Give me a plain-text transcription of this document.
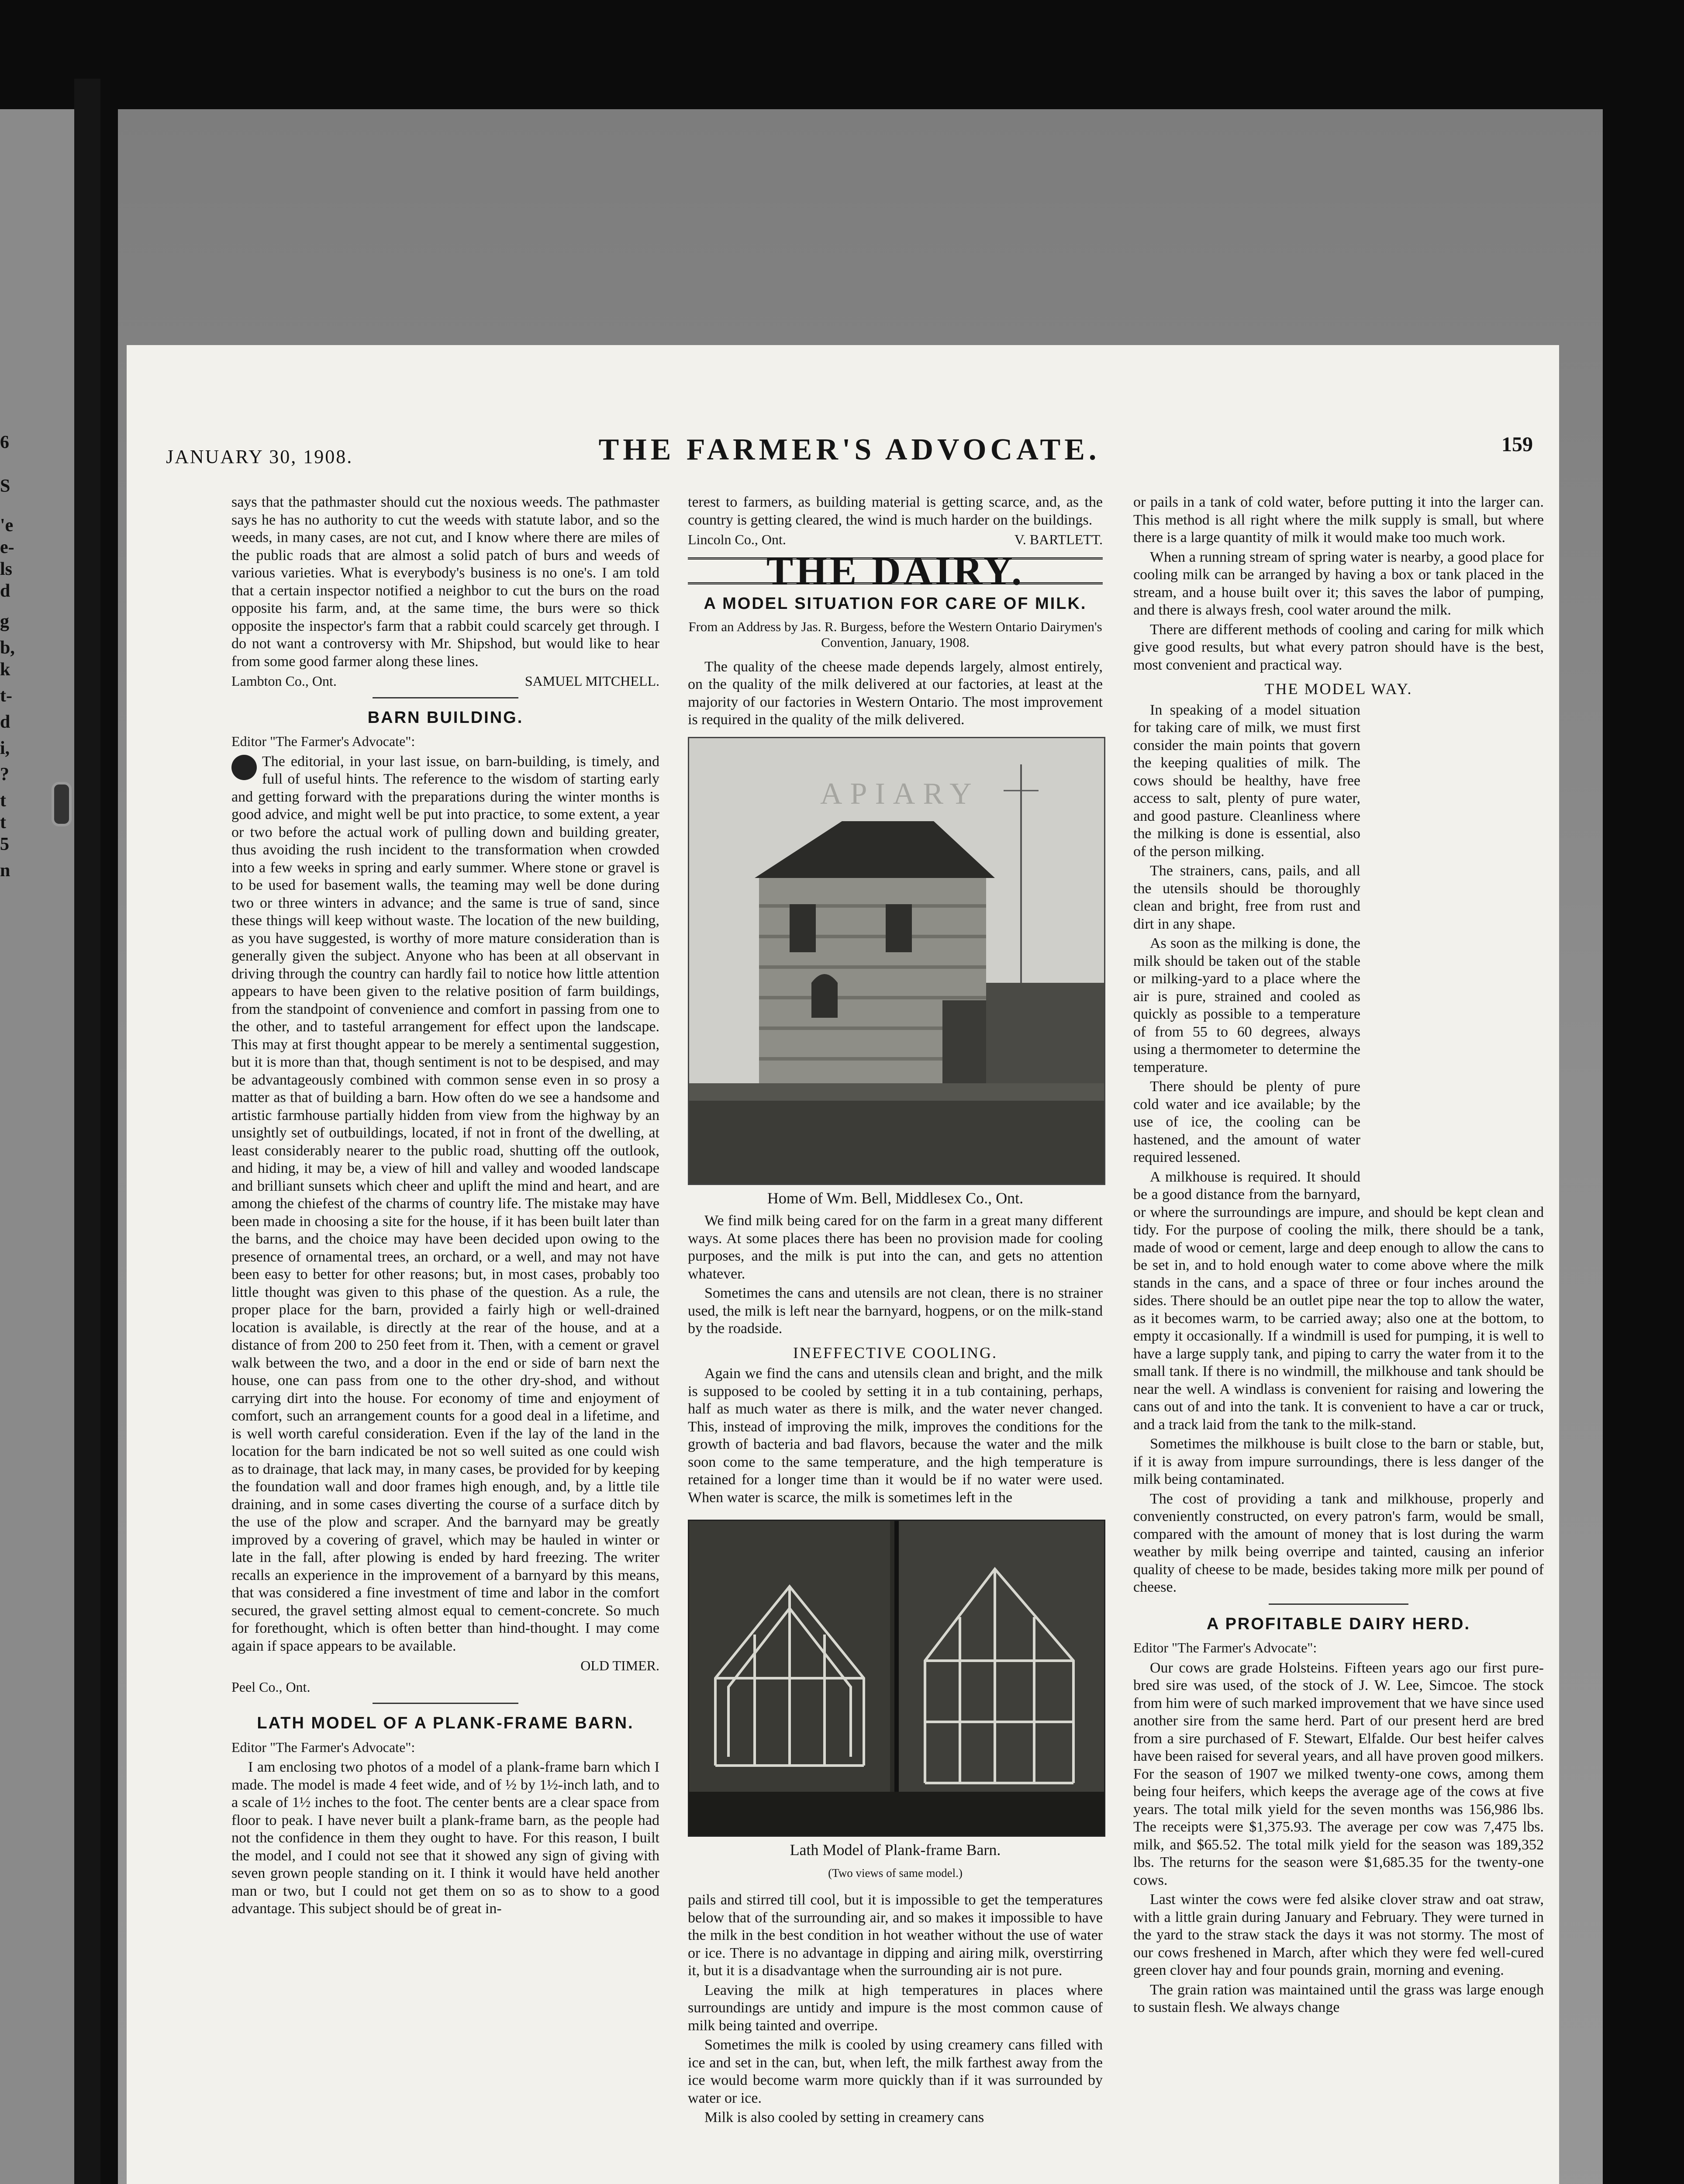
6
S
'e
e-
ls
d
g
b,
k
t-
d
i,
?
t
t
5
n
JANUARY 30, 1908.	THE FARMER'S ADVOCATE.	159

says that the pathmaster should cut the noxious weeds. The pathmaster says he has no authority to cut the weeds with statute labor, and so the weeds, in many cases, are not cut, and I know where there are miles of the public roads that are almost a solid patch of burs and weeds of various varieties. What is everybody's business is no one's. I am told that a certain inspector notified a neighbor to cut the burs on the road opposite his farm, and, at the same time, the burs were so thick opposite the inspector's farm that a rabbit could scarcely get through. I do not want a controversy with Mr. Shipshod, but would like to hear from some good farmer along these lines.

Lambton Co., Ont.	SAMUEL MITCHELL.
BARN BUILDING.
Editor "The Farmer's Advocate":

The editorial, in your last issue, on barn-building, is timely, and full of useful hints. The reference to the wisdom of starting early and getting forward with the preparations during the winter months is good advice, and might well be put into practice, to some extent, a year or two before the actual work of pulling down and building greater, thus avoiding the rush incident to the transformation when crowded into a few weeks in spring and early summer. Where stone or gravel is to be used for basement walls, the teaming may well be done during two or three winters in advance; and the same is true of sand, since these things will keep without waste. The location of the new building, as you have suggested, is worthy of more mature consideration than is generally given the subject. Anyone who has been at all observant in driving through the country can hardly fail to notice how little attention appears to have been given to the relative position of farm buildings, from the standpoint of convenience and comfort in passing from one to the other, and to tasteful arrangement for effect upon the landscape. This may at first thought appear to be merely a sentimental suggestion, but it is more than that, though sentiment is not to be despised, and may be advantageously combined with common sense even in so prosy a matter as that of building a barn. How often do we see a handsome and artistic farmhouse partially hidden from view from the highway by an unsightly set of outbuildings, located, if not in front of the dwelling, at least considerably nearer to the public road, shutting off the outlook, and hiding, it may be, a view of hill and valley and wooded landscape and brilliant sunsets which cheer and uplift the mind and heart, and are among the chiefest of the charms of country life. The mistake may have been made in choosing a site for the house, if it has been built later than the barns, and the choice may have been decided upon owing to the presence of ornamental trees, an orchard, or a well, and may not have been easy to better for other reasons; but, in most cases, probably too little thought was given to this phase of the question. As a rule, the proper place for the barn, provided a fairly high or well-drained location is available, is directly at the rear of the house, and at a distance of from 200 to 250 feet from it. Then, with a cement or gravel walk between the two, and a door in the end or side of barn next the house, one can pass from one to the other dry-shod, and without carrying dirt into the house. For economy of time and enjoyment of comfort, such an arrangement counts for a good deal in a lifetime, and is well worth careful consideration. Even if the lay of the land in the location for the barn indicated be not so well suited as one could wish as to drainage, that lack may, in many cases, be provided for by keeping the foundation wall and door frames high enough, and, by a little tile draining, and in some cases diverting the course of a surface ditch by the use of the plow and scraper. And the barnyard may be greatly improved by a covering of gravel, which may be hauled in winter or late in the fall, after plowing is ended by hard freezing. The writer recalls an experience in the improvement of a barnyard by this means, that was considered a fine investment of time and labor in the comfort secured, the gravel setting almost equal to cement-concrete. So much for forethought, which is often better than hind-thought. I may come again if space appears to be available.

OLD TIMER.
Peel Co., Ont.
LATH MODEL OF A PLANK-FRAME BARN.
Editor "The Farmer's Advocate":

I am enclosing two photos of a model of a plank-frame barn which I made. The model is made 4 feet wide, and of ½ by 1½-inch lath, and to a scale of 1½ inches to the foot. The center bents are a clear space from floor to peak. I have never built a plank-frame barn, as the people had not the confidence in them they ought to have. For this reason, I built the model, and I could not see that it showed any sign of giving with seven grown people standing on it. I think it would have held another man or two, but I could not get them on so as to show to a good advantage. This subject should be of great in-

terest to farmers, as building material is getting scarce, and, as the country is getting cleared, the wind is much harder on the buildings.

Lincoln Co., Ont.	V. BARTLETT.
THE DAIRY.
A MODEL SITUATION FOR CARE OF MILK.
From an Address by Jas. R. Burgess, before the Western Ontario Dairymen's Convention, January, 1908.

The quality of the cheese made depends largely, almost entirely, on the quality of the milk delivered at our factories, at least at the majority of our factories in Western Ontario. The most improvement is required in the quality of the milk delivered.

APIARY
Home of Wm. Bell, Middlesex Co., Ont.

We find milk being cared for on the farm in a great many different ways. At some places there has been no provision made for cooling purposes, and the milk is put into the can, and gets no attention whatever.

Sometimes the cans and utensils are not clean, there is no strainer used, the milk is left near the barnyard, hogpens, or on the milk-stand by the roadside.

INEFFECTIVE COOLING.

Again we find the cans and utensils clean and bright, and the milk is supposed to be cooled by setting it in a tub containing, perhaps, half as much water as there is milk, and the water never changed. This, instead of improving the milk, improves the conditions for the growth of bacteria and bad flavors, because the water and the milk soon come to the same temperature, and the high temperature is retained for a longer time than it would be if no water were used. When water is scarce, the milk is sometimes left in the

Lath Model of Plank-frame Barn.
(Two views of same model.)

pails and stirred till cool, but it is impossible to get the temperatures below that of the surrounding air, and so makes it impossible to have the milk in the best condition in hot weather without the use of water or ice. There is no advantage in dipping and airing milk, overstirring it, but it is a disadvantage when the surrounding air is not pure.

Leaving the milk at high temperatures in places where surroundings are untidy and impure is the most common cause of milk being tainted and overripe.

Sometimes the milk is cooled by using creamery cans filled with ice and set in the can, but, when left, the milk farthest away from the ice would become warm more quickly than if it was surrounded by water or ice.

Milk is also cooled by setting in creamery cans

or pails in a tank of cold water, before putting it into the larger can. This method is all right where the milk supply is small, but where there is a large quantity of milk it would make too much work.

When a running stream of spring water is nearby, a good place for cooling milk can be arranged by having a box or tank placed in the stream, and a house built over it; this saves the labor of pumping, and there is always fresh, cool water around the milk.

There are different methods of cooling and caring for milk which give good results, but what every patron should have is the best, most convenient and practical way.

THE MODEL WAY.

In speaking of a model situation for taking care of milk, we must first consider the main points that govern the keeping qualities of milk. The cows should be healthy, have free access to salt, plenty of pure water, and good pasture. Cleanliness where the milking is done is essential, also of the person milking.

The strainers, cans, pails, and all the utensils should be thoroughly clean and bright, free from rust and dirt in any shape.

As soon as the milking is done, the milk should be taken out of the stable or milking-yard to a place where the air is pure, strained and cooled as quickly as possible to a temperature of from 55 to 60 degrees, always using a thermometer to determine the temperature.

There should be plenty of pure cold water and ice available; by the use of ice, the cooling can be hastened, and the amount of water required lessened.

A milkhouse is required. It should be a good distance from the barnyard, or where the surroundings are impure, and should be kept clean and tidy. For the purpose of cooling the milk, there should be a tank, made of wood or cement, large and deep enough to allow the cans to be set in, and to hold enough water to come above where the milk stands in the cans, and a space of three or four inches around the sides. There should be an outlet pipe near the top to allow the water, as it becomes warm, to be carried away; also one at the bottom, to empty it occasionally. If a windmill is used for pumping, it is well to have a large supply tank, and piping to carry the water from it to the small tank. If there is no windmill, the milkhouse and tank should be near the well. A windlass is convenient for raising and lowering the cans out of and into the tank. It is convenient to have a car or truck, and a track laid from the tank to the milk-stand.

Sometimes the milkhouse is built close to the barn or stable, but, if it is away from impure surroundings, there is less danger of the milk being contaminated.

The cost of providing a tank and milkhouse, properly and conveniently constructed, on every patron's farm, would be small, compared with the amount of money that is lost during the warm weather by milk being overripe and tainted, causing an inferior quality of cheese to be made, besides taking more milk per pound of cheese.

A PROFITABLE DAIRY HERD.
Editor "The Farmer's Advocate":

Our cows are grade Holsteins. Fifteen years ago our first pure-bred sire was used, of the stock of J. W. Lee, Simcoe. The stock from him were of such marked improvement that we have since used another sire from the same herd. Part of our present herd are bred from a sire purchased of F. Stewart, Elfalde. Our best heifer calves have been raised for several years, and all have proven good milkers. For the season of 1907 we milked twenty-one cows, among them being four heifers, which keeps the average age of the cows at five years. The total milk yield for the seven months was 156,986 lbs. The receipts were $1,375.93. The average per cow was 7,475 lbs. milk, and $65.52. The total milk yield for the season was 189,352 lbs. The returns for the season were $1,685.35 for the twenty-one cows.

Last winter the cows were fed alsike clover straw and oat straw, with a little grain during January and February. They were turned in the yard to the straw stack the days it was not stormy. The most of our cows freshened in March, after which they were fed well-cured green clover hay and four pounds grain, morning and evening.

The grain ration was maintained until the grass was large enough to sustain flesh. We always change
